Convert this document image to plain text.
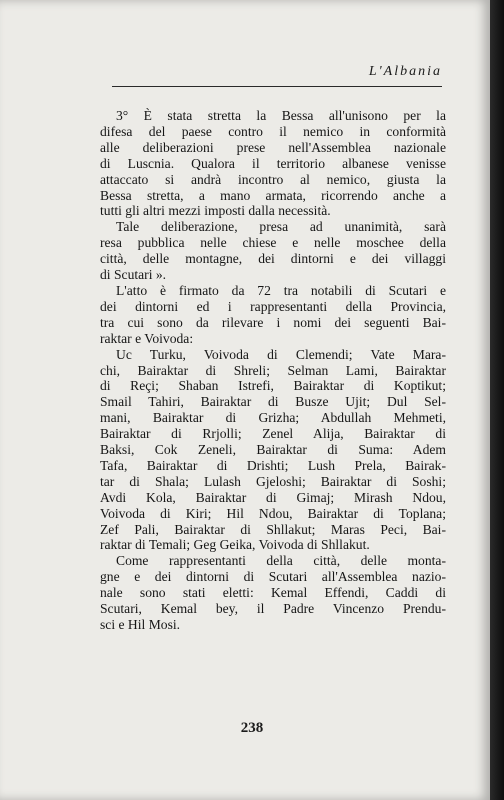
L'Albania
3° È stata stretta la Bessa all'unisono per la
difesa del paese contro il nemico in conformità
alle deliberazioni prese nell'Assemblea nazionale
di Luscnia. Qualora il territorio albanese venisse
attaccato si andrà incontro al nemico, giusta la
Bessa stretta, a mano armata, ricorrendo anche a
tutti gli altri mezzi imposti dalla necessità.
Tale deliberazione, presa ad unanimità, sarà
resa pubblica nelle chiese e nelle moschee della
città, delle montagne, dei dintorni e dei villaggi
di Scutari ».
L'atto è firmato da 72 tra notabili di Scutari e
dei dintorni ed i rappresentanti della Provincia,
tra cui sono da rilevare i nomi dei seguenti Bai-
raktar e Voivoda:
Uc Turku, Voivoda di Clemendi; Vate Mara-
chi, Bairaktar di Shreli; Selman Lami, Bairaktar
di Reçi; Shaban Istrefi, Bairaktar di Koptikut;
Smail Tahiri, Bairaktar di Busze Ujit; Dul Sel-
mani, Bairaktar di Grizha; Abdullah Mehmeti,
Bairaktar di Rrjolli; Zenel Alija, Bairaktar di
Baksi, Cok Zeneli, Bairaktar di Suma: Adem
Tafa, Bairaktar di Drishti; Lush Prela, Bairak-
tar di Shala; Lulash Gjeloshi; Bairaktar di Soshi;
Avdi Kola, Bairaktar di Gimaj; Mirash Ndou,
Voivoda di Kiri; Hil Ndou, Bairaktar di Toplana;
Zef Pali, Bairaktar di Shllakut; Maras Peci, Bai-
raktar di Temali; Geg Geika, Voivoda di Shllakut.
Come rappresentanti della città, delle monta-
gne e dei dintorni di Scutari all'Assemblea nazio-
nale sono stati eletti: Kemal Effendi, Caddi di
Scutari, Kemal bey, il Padre Vincenzo Prendu-
sci e Hil Mosi.
238
